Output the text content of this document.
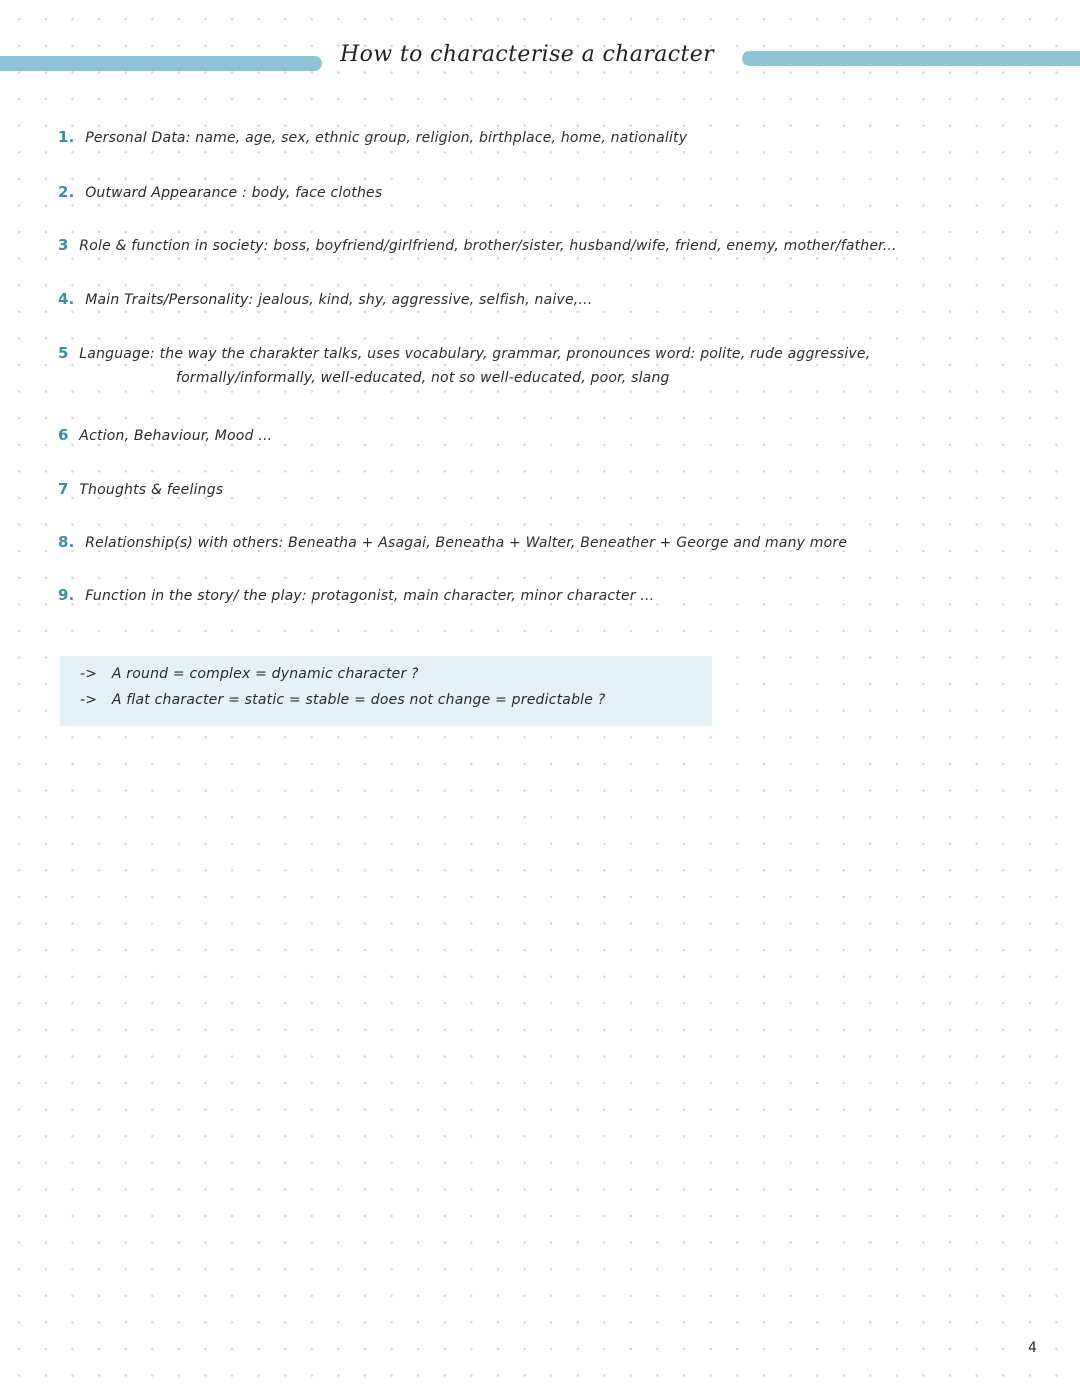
How to characterise a character
1. Personal Data: name, age, sex, ethnic group, religion, birthplace, home, nationality
2. Outward Appearance : body, face clothes
3 Role & function in society: boss, boyfriend/girlfriend, brother/sister, husband/wife, friend, enemy, mother/father...
4. Main Traits/Personality: jealous, kind, shy, aggressive, selfish, naive,...
5 Language: the way the charakter talks, uses vocabulary, grammar, pronounces word: polite, rude aggressive,
formally/informally, well-educated, not so well-educated, poor, slang
6 Action, Behaviour, Mood ...
7 Thoughts & feelings
8. Relationship(s) with others: Beneatha + Asagai, Beneatha + Walter, Beneather + George and many more
9. Function in the story/ the play: protagonist, main character, minor character ...
-> A round = complex = dynamic character ?
-> A flat character = static = stable = does not change = predictable ?
4
